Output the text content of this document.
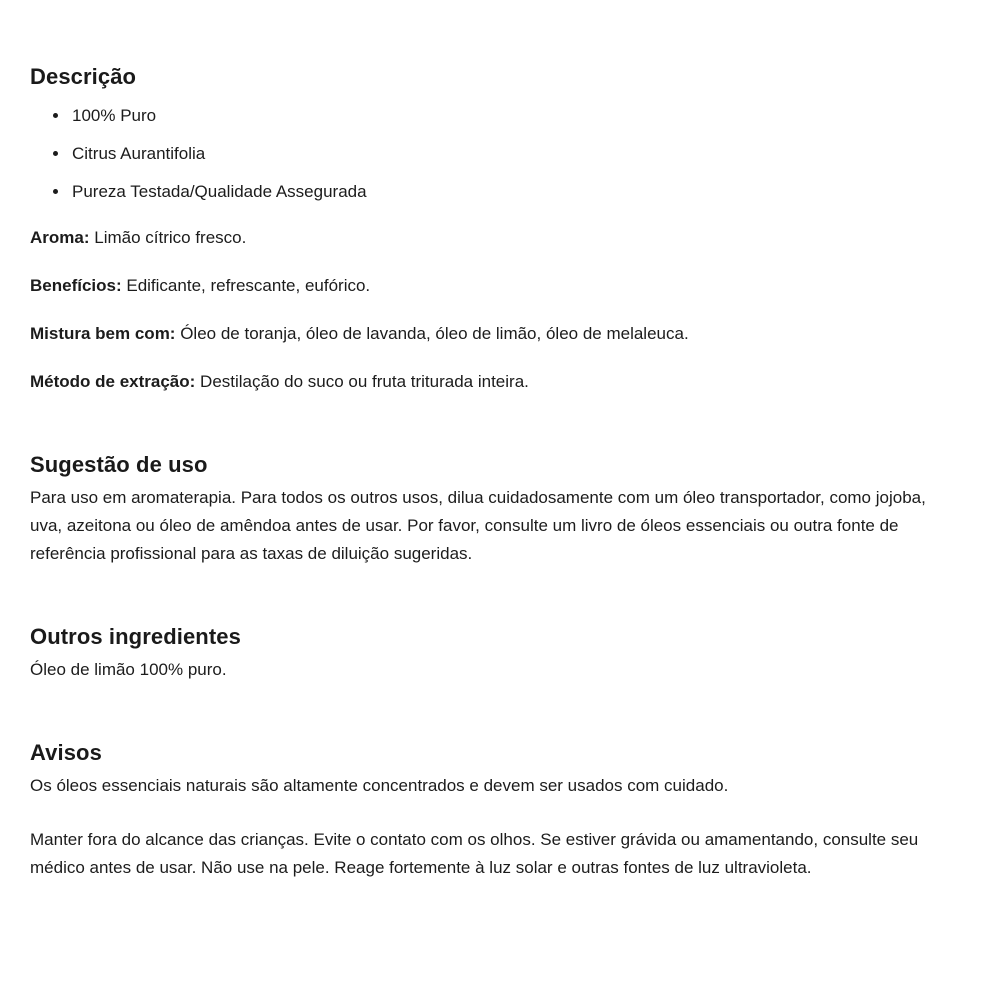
Descrição
• 100% Puro
• Citrus Aurantifolia
• Pureza Testada/Qualidade Assegurada

Aroma: Limão cítrico fresco.

Benefícios: Edificante, refrescante, eufórico.

Mistura bem com: Óleo de toranja, óleo de lavanda, óleo de limão, óleo de melaleuca.

Método de extração: Destilação do suco ou fruta triturada inteira.

Sugestão de uso

Para uso em aromaterapia. Para todos os outros usos, dilua cuidadosamente com um óleo transportador, como jojoba, uva, azeitona ou óleo de amêndoa antes de usar. Por favor, consulte um livro de óleos essenciais ou outra fonte de referência profissional para as taxas de diluição sugeridas.

Outros ingredientes

Óleo de limão 100% puro.

Avisos

Os óleos essenciais naturais são altamente concentrados e devem ser usados com cuidado.

Manter fora do alcance das crianças. Evite o contato com os olhos. Se estiver grávida ou amamentando, consulte seu médico antes de usar. Não use na pele. Reage fortemente à luz solar e outras fontes de luz ultravioleta.
